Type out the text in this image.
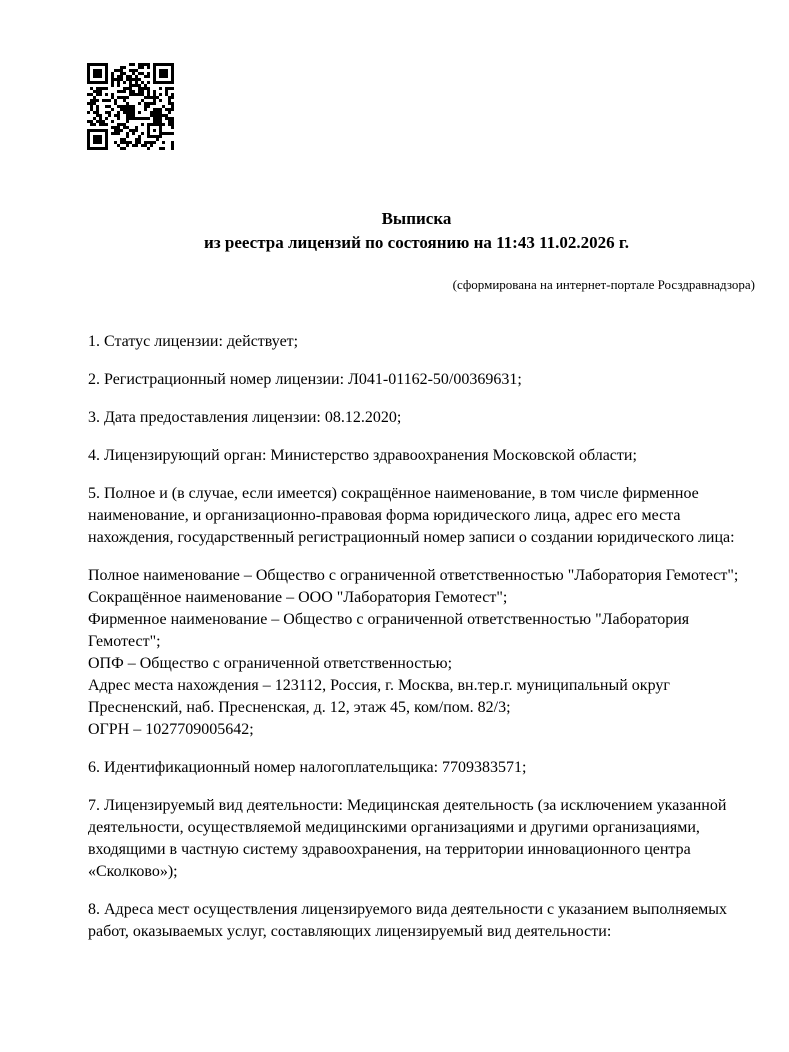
Выписка
из реестра лицензий по состоянию на 11:43 11.02.2026 г.
(сформирована на интернет-портале Росздравнадзора)
1. Статус лицензии: действует;
2. Регистрационный номер лицензии: Л041-01162-50/00369631;
3. Дата предоставления лицензии: 08.12.2020;
4. Лицензирующий орган: Министерство здравоохранения Московской области;
5. Полное и (в случае, если имеется) сокращённое наименование, в том числе фирменное
наименование, и организационно-правовая форма юридического лица, адрес его места
нахождения, государственный регистрационный номер записи о создании юридического лица:
Полное наименование – Общество с ограниченной ответственностью "Лаборатория Гемотест";
Сокращённое наименование – ООО "Лаборатория Гемотест";
Фирменное наименование – Общество с ограниченной ответственностью "Лаборатория
Гемотест";
ОПФ – Общество с ограниченной ответственностью;
Адрес места нахождения – 123112, Россия, г. Москва, вн.тер.г. муниципальный округ
Пресненский, наб. Пресненская, д. 12, этаж 45, ком/пом. 82/3;
ОГРН – 1027709005642;
6. Идентификационный номер налогоплательщика: 7709383571;
7. Лицензируемый вид деятельности: Медицинская деятельность (за исключением указанной
деятельности, осуществляемой медицинскими организациями и другими организациями,
входящими в частную систему здравоохранения, на территории инновационного центра
«Сколково»);
8. Адреса мест осуществления лицензируемого вида деятельности с указанием выполняемых
работ, оказываемых услуг, составляющих лицензируемый вид деятельности:
